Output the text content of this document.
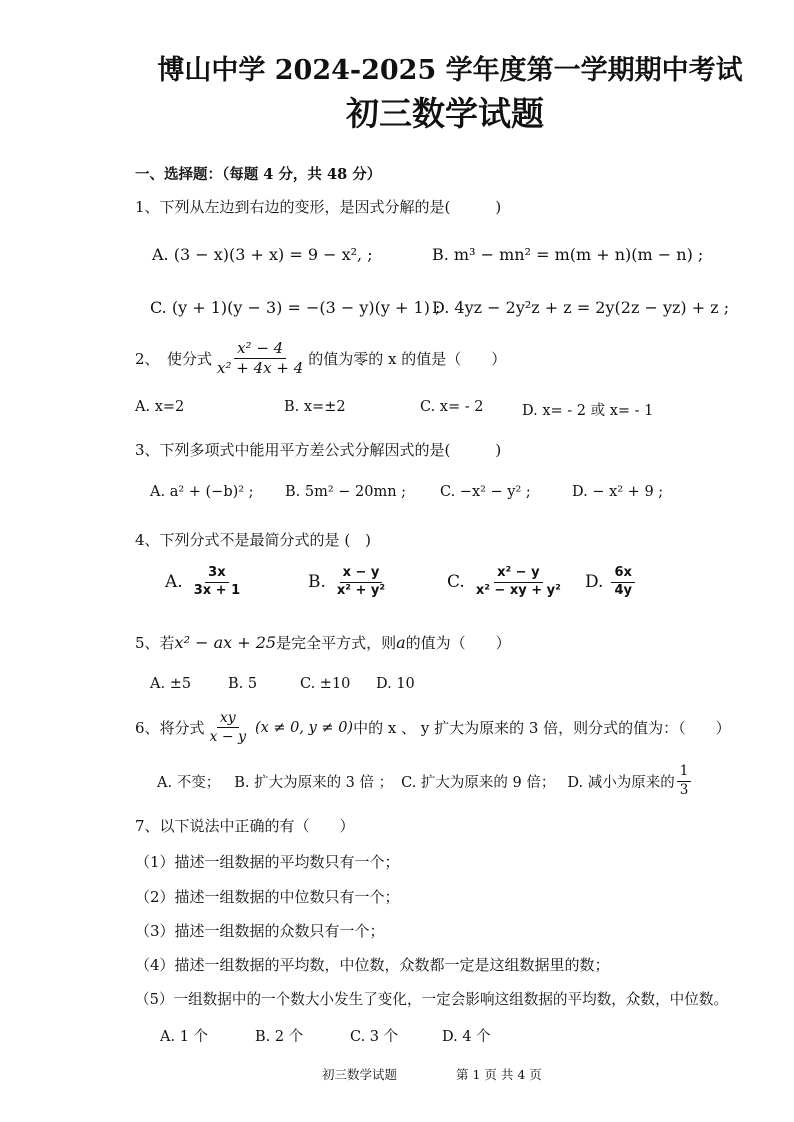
博山中学 2024-2025 学年度第一学期期中考试
初三数学试题
一、选择题：（每题 4 分，共 48 分）
1、下列从左边到右边的变形，是因式分解的是(　　　)
A. (3 − x)(3 + x) = 9 − x², ;	B. m³ − mn² = m(m + n)(m − n) ;
C. (y + 1)(y − 3) = −(3 − y)(y + 1) ;
D. 4yz − 2y²z + z = 2y(2z − yz) + z ;
2、　使分式 $\frac{\text{x² − 4}}{\text{x² + 4x + 4}}$ 的值为零的 x 的值是（　　）
A. x=2	B. x=±2	C. x= - 2	D. x= - 2 或 x= - 1
3、下列多项式中能用平方差公式分解因式的是(　　　)
A. a² + (−b)² ; B. 5m² − 20mn ; C. −x² − y² ;	D. − x² + 9 ;
4、下列分式不是最简分式的是 (　)
A. $\frac{3x}{3x + 1}$	B. $\frac{x - y}{\text{x² + y²}}$	C. $\frac{\text{x² − y}}{\text{x² − xy + y²}} D$. $\frac{6x}{4y}$
5、若x² − ax + 25是完全平方式，则a的值为（　　）
A. ±5	B. 5	C. ±10 D. 10
6、将分式 $\frac{xy}{x - y} (x \ne 0$, y ≠ 0) 中的 x 、 y 扩大为原来的 3 倍，则分式的值为：（　　）
A. 不变； B. 扩大为原来的 3 倍 ； C. 扩大为原来的 9 倍； D. 减小为原来的 $\frac{1}{3}$
7、以下说法中正确的有（　　）
（1）描述一组数据的平均数只有一个；
（2）描述一组数据的中位数只有一个；
（3）描述一组数据的众数只有一个；
（4）描述一组数据的平均数，中位数，众数都一定是这组数据里的数；
（5）一组数据中的一个数大小发生了变化，一定会影响这组数据的平均数，众数，中位数。
A. 1 个	B. 2 个	C. 3 个	D. 4 个
初三数学试题	第 1 页 共 4 页
